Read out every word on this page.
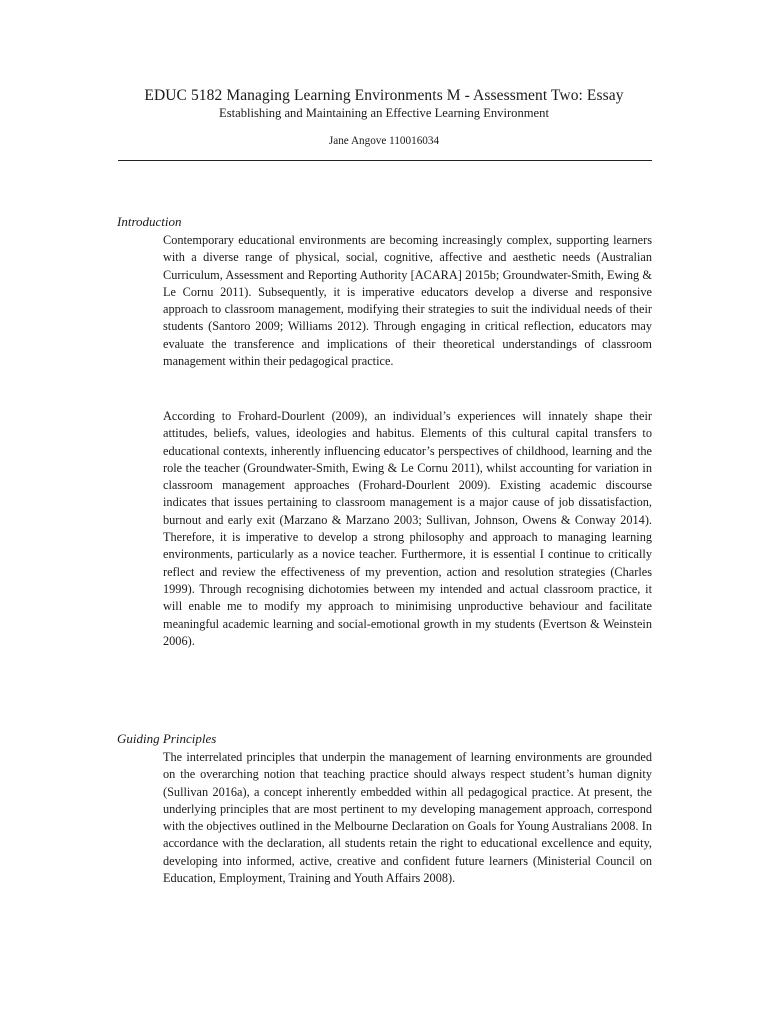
EDUC 5182 Managing Learning Environments M - Assessment Two: Essay
Establishing and Maintaining an Effective Learning Environment
Jane Angove 110016034
Introduction

Contemporary educational environments are becoming increasingly complex, supporting learners with a diverse range of physical, social, cognitive, affective and aesthetic needs (Australian Curriculum, Assessment and Reporting Authority [ACARA] 2015b; Groundwater-Smith, Ewing & Le Cornu 2011). Subsequently, it is imperative educators develop a diverse and responsive approach to classroom management, modifying their strategies to suit the individual needs of their students (Santoro 2009; Williams 2012). Through engaging in critical reflection, educators may evaluate the transference and implications of their theoretical understandings of classroom management within their pedagogical practice.

According to Frohard-Dourlent (2009), an individual’s experiences will innately shape their attitudes, beliefs, values, ideologies and habitus. Elements of this cultural capital transfers to educational contexts, inherently influencing educator’s perspectives of childhood, learning and the role the teacher (Groundwater-Smith, Ewing & Le Cornu 2011), whilst accounting for variation in classroom management approaches (Frohard-Dourlent 2009). Existing academic discourse indicates that issues pertaining to classroom management is a major cause of job dissatisfaction, burnout and early exit (Marzano & Marzano 2003; Sullivan, Johnson, Owens & Conway 2014). Therefore, it is imperative to develop a strong philosophy and approach to managing learning environments, particularly as a novice teacher. Furthermore, it is essential I continue to critically reflect and review the effectiveness of my prevention, action and resolution strategies (Charles 1999). Through recognising dichotomies between my intended and actual classroom practice, it will enable me to modify my approach to minimising unproductive behaviour and facilitate meaningful academic learning and social-emotional growth in my students (Evertson & Weinstein 2006).

Guiding Principles

The interrelated principles that underpin the management of learning environments are grounded on the overarching notion that teaching practice should always respect student’s human dignity (Sullivan 2016a), a concept inherently embedded within all pedagogical practice. At present, the underlying principles that are most pertinent to my developing management approach, correspond with the objectives outlined in the Melbourne Declaration on Goals for Young Australians 2008. In accordance with the declaration, all students retain the right to educational excellence and equity, developing into informed, active, creative and confident future learners (Ministerial Council on Education, Employment, Training and Youth Affairs 2008).
